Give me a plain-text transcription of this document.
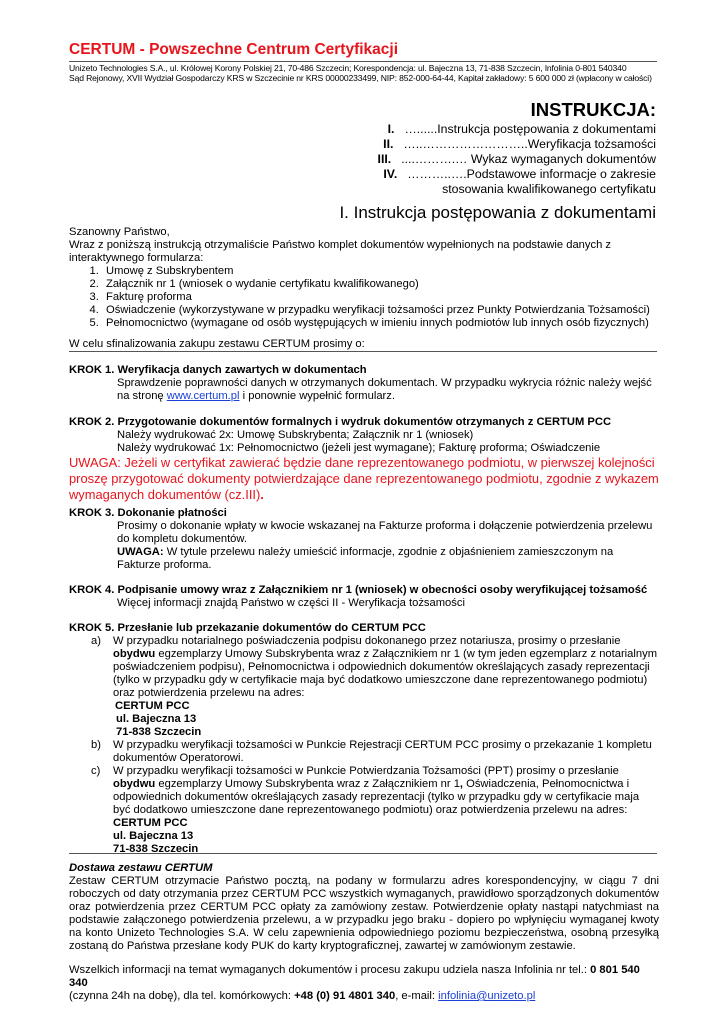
CERTUM - Powszechne Centrum Certyfikacji
Unizeto Technologies S.A., ul. Królowej Korony Polskiej 21, 70-486 Szczecin; Korespondencja: ul. Bajeczna 13, 71-838 Szczecin, Infolinia 0-801 540340
Sąd Rejonowy, XVII Wydział Gospodarczy KRS w Szczecinie nr KRS 00000233499, NIP: 852-000-64-44, Kapitał zakładowy: 5 600 000 zł (wpłacony w całości)
INSTRUKCJA:
I. …......Instrukcja postępowania z dokumentami
II. …..……………………..Weryfikacja tożsamości
III. ....……….… Wykaz wymaganych dokumentów
IV. ………..….Podstawowe informacje o zakresie
stosowania kwalifikowanego certyfikatu
I. Instrukcja postępowania z dokumentami
Szanowny Państwo,
Wraz z poniższą instrukcją otrzymaliście Państwo komplet dokumentów wypełnionych na podstawie danych z interaktywnego formularza:
1. Umowę z Subskrybentem
2. Załącznik nr 1 (wniosek o wydanie certyfikatu kwalifikowanego)
3. Fakturę proforma
4. Oświadczenie (wykorzystywane w przypadku weryfikacji tożsamości przez Punkty Potwierdzania Tożsamości)
5. Pełnomocnictwo (wymagane od osób występujących w imieniu innych podmiotów lub innych osób fizycznych)
W celu sfinalizowania zakupu zestawu CERTUM prosimy o:
KROK 1. Weryfikacja danych zawartych w dokumentach
Sprawdzenie poprawności danych w otrzymanych dokumentach. W przypadku wykrycia różnic należy wejść na stronę www.certum.pl i ponownie wypełnić formularz.
KROK 2. Przygotowanie dokumentów formalnych i wydruk dokumentów otrzymanych z CERTUM PCC
Należy wydrukować 2x: Umowę Subskrybenta; Załącznik nr 1 (wniosek)
Należy wydrukować 1x: Pełnomocnictwo (jeżeli jest wymagane); Fakturę proforma; Oświadczenie
UWAGA: Jeżeli w certyfikat zawierać będzie dane reprezentowanego podmiotu, w pierwszej kolejności proszę przygotować dokumenty potwierdzające dane reprezentowanego podmiotu, zgodnie z wykazem wymaganych dokumentów (cz.III).
KROK 3. Dokonanie płatności
Prosimy o dokonanie wpłaty w kwocie wskazanej na Fakturze proforma i dołączenie potwierdzenia przelewu do kompletu dokumentów.
UWAGA: W tytule przelewu należy umieścić informacje, zgodnie z objaśnieniem zamieszczonym na Fakturze proforma.
KROK 4. Podpisanie umowy wraz z Załącznikiem nr 1 (wniosek) w obecności osoby weryfikującej tożsamość
Więcej informacji znajdą Państwo w części II - Weryfikacja tożsamości
KROK 5. Przesłanie lub przekazanie dokumentów do CERTUM PCC
a) W przypadku notarialnego poświadczenia podpisu dokonanego przez notariusza, prosimy o przesłanie obydwu egzemplarzy Umowy Subskrybenta wraz z Załącznikiem nr 1 (w tym jeden egzemplarz z notarialnym poświadczeniem podpisu), Pełnomocnictwa i odpowiednich dokumentów określających zasady reprezentacji (tylko w przypadku gdy w certyfikacie maja być dodatkowo umieszczone dane reprezentowanego podmiotu) oraz potwierdzenia przelewu na adres:
CERTUM PCC
ul. Bajeczna 13
71-838 Szczecin
b) W przypadku weryfikacji tożsamości w Punkcie Rejestracji CERTUM PCC prosimy o przekazanie 1 kompletu dokumentów Operatorowi.
c) W przypadku weryfikacji tożsamości w Punkcie Potwierdzania Tożsamości (PPT) prosimy o przesłanie obydwu egzemplarzy Umowy Subskrybenta wraz z Załącznikiem nr 1, Oświadczenia, Pełnomocnictwa i odpowiednich dokumentów określających zasady reprezentacji (tylko w przypadku gdy w certyfikacie maja być dodatkowo umieszczone dane reprezentowanego podmiotu) oraz potwierdzenia przelewu na adres:
CERTUM PCC
ul. Bajeczna 13
71-838 Szczecin
Dostawa zestawu CERTUM
Zestaw CERTUM otrzymacie Państwo pocztą, na podany w formularzu adres korespondencyjny, w ciągu 7 dni roboczych od daty otrzymania przez CERTUM PCC wszystkich wymaganych, prawidłowo sporządzonych dokumentów oraz potwierdzenia przez CERTUM PCC opłaty za zamówiony zestaw. Potwierdzenie opłaty nastąpi natychmiast na podstawie załączonego potwierdzenia przelewu, a w przypadku jego braku - dopiero po wpłynięciu wymaganej kwoty na konto Unizeto Technologies S.A. W celu zapewnienia odpowiedniego poziomu bezpieczeństwa, osobną przesyłką zostaną do Państwa przesłane kody PUK do karty kryptograficznej, zawartej w zamówionym zestawie.
Wszelkich informacji na temat wymaganych dokumentów i procesu zakupu udziela nasza Infolinia nr tel.: 0 801 540 340
(czynna 24h na dobę), dla tel. komórkowych: +48 (0) 91 4801 340, e-mail: infolinia@unizeto.pl
